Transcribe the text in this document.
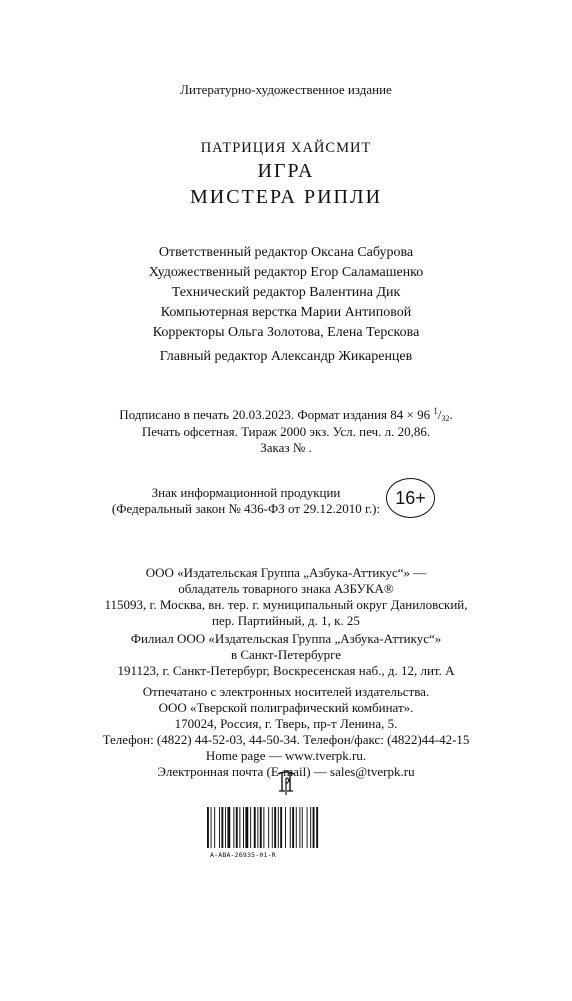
Литературно-художественное издание
ПАТРИЦИЯ ХАЙСМИТ
ИГРА
МИСТЕРА РИПЛИ
Ответственный редактор Оксана Сабурова
Художественный редактор Егор Саламашенко
Технический редактор Валентина Дик
Компьютерная верстка Марии Антиповой
Корректоры Ольга Золотова, Елена Терскова
Главный редактор Александр Жикаренцев
Подписано в печать 20.03.2023. Формат издания 84 × 96 $^1$/32.
Печать офсетная. Тираж 2000 экз. Усл. печ. л. 20,86.
Заказ № .
Знак информационной продукции
(Федеральный закон № 436-ФЗ от 29.12.2010 г.):
16+
ООО «Издательская Группа „Азбука-Аттикус“» —
обладатель товарного знака АЗБУКА®
115093, г. Москва, вн. тер. г. муниципальный округ Даниловский,
пер. Партийный, д. 1, к. 25
Филиал ООО «Издательская Группа „Азбука-Аттикус“»
в Санкт-Петербурге
191123, г. Санкт-Петербург, Воскресенская наб., д. 12, лит. А
Отпечатано с электронных носителей издательства.
ООО «Тверской полиграфический комбинат».
170024, Россия, г. Тверь, пр-т Ленина, 5.
Телефон: (4822) 44-52-03, 44-50-34. Телефон/факс: (4822)44-42-15
Home page — www.tverpk.ru.
Электронная почта (E-mail) — sales@tverpk.ru
A-ABA-26935-01-R
